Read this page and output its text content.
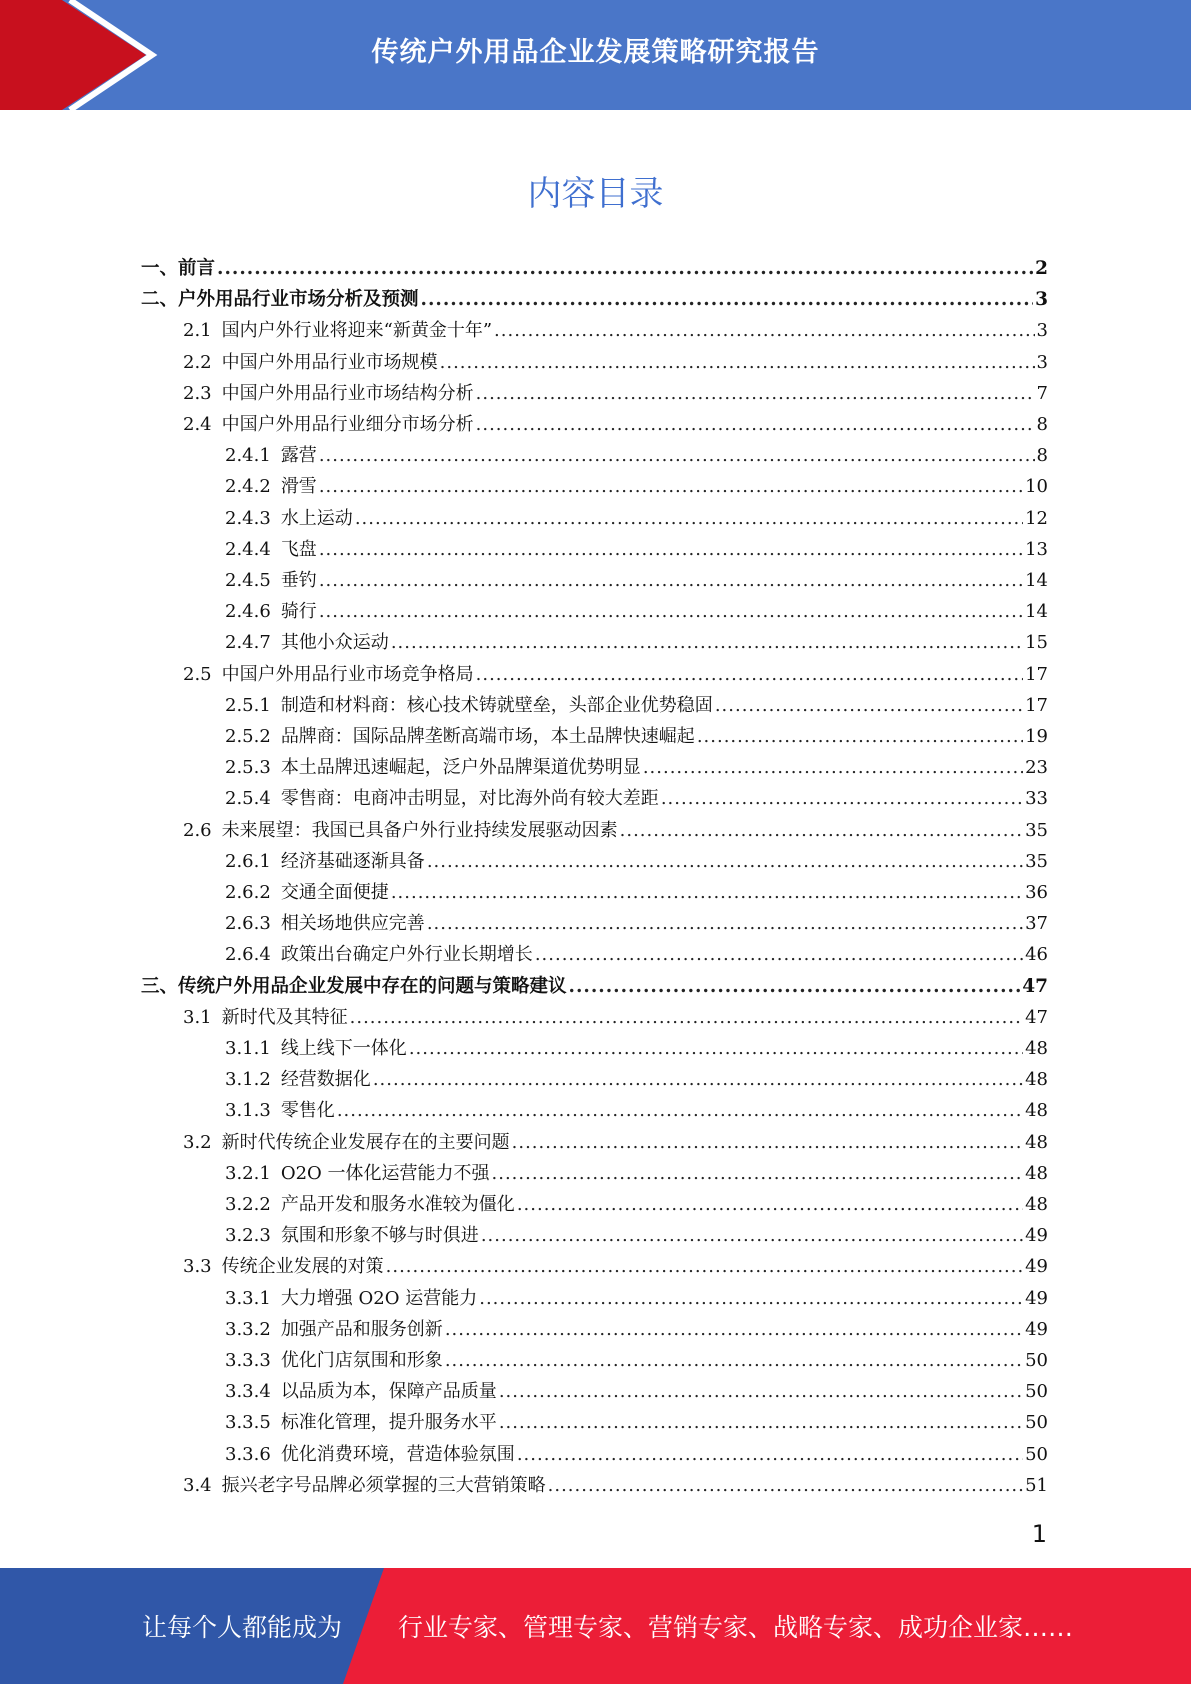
传统户外用品企业发展策略研究报告
内容目录
一、 前言 .....	2
二、 户外用品行业市场分析及预测 .....	3
2.1 国内户外行业将迎来“新黄金十年” .....	3
2.2 中国户外用品行业市场规模 .....	3
2.3 中国户外用品行业市场结构分析 .....	7
2.4 中国户外用品行业细分市场分析 .....	8
2.4.1 露营 .....	8
2.4.2 滑雪 .....	10
2.4.3 水上运动 .....	12
2.4.4 飞盘 .....	13
2.4.5 垂钓 .....	14
2.4.6 骑行 .....	14
2.4.7 其他小众运动 .....	15
2.5 中国户外用品行业市场竞争格局 .....	17
2.5.1 制造和材料商：核心技术铸就壁垒，头部企业优势稳固 .....	17
2.5.2 品牌商：国际品牌垄断高端市场，本土品牌快速崛起 .....	19
2.5.3 本土品牌迅速崛起，泛户外品牌渠道优势明显 .....	23
2.5.4 零售商：电商冲击明显，对比海外尚有较大差距 .....	33
2.6 未来展望：我国已具备户外行业持续发展驱动因素 .....	35
2.6.1 经济基础逐渐具备 .....	35
2.6.2 交通全面便捷 .....	36
2.6.3 相关场地供应完善 .....	37
2.6.4 政策出台确定户外行业长期增长 .....	46
三、 传统户外用品企业发展中存在的问题与策略建议 .....	47
3.1 新时代及其特征 .....	47
3.1.1 线上线下一体化 .....	48
3.1.2 经营数据化 .....	48
3.1.3 零售化 .....	48
3.2 新时代传统企业发展存在的主要问题 .....	48
3.2.1 O2O 一体化运营能力不强 .....	48
3.2.2 产品开发和服务水准较为僵化 .....	48
3.2.3 氛围和形象不够与时俱进 .....	49
3.3 传统企业发展的对策 .....	49
3.3.1 大力增强 O2O 运营能力 .....	49
3.3.2 加强产品和服务创新 .....	49
3.3.3 优化门店氛围和形象 .....	50
3.3.4 以品质为本，保障产品质量 .....	50
3.3.5 标准化管理，提升服务水平 .....	50
3.3.6 优化消费环境，营造体验氛围 .....	50
3.4 振兴老字号品牌必须掌握的三大营销策略 .....	51
1
让每个人都能成为 行业专家、管理专家、营销专家、战略专家、成功企业家……
